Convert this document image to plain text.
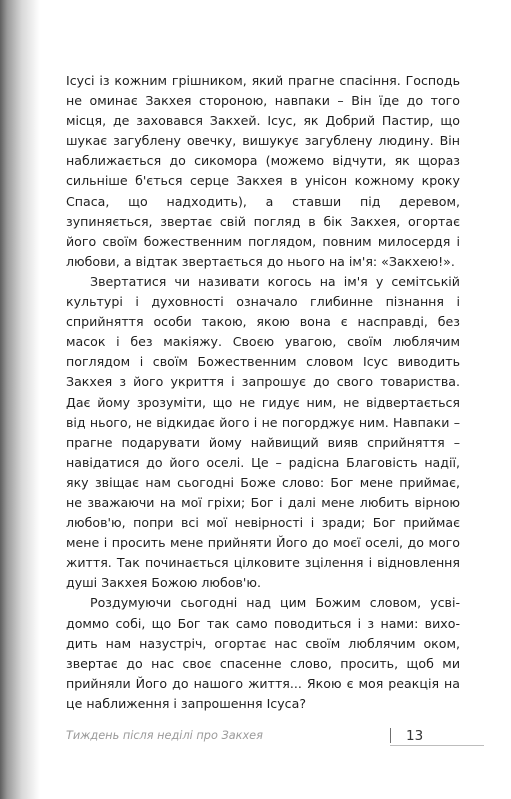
Ісусі із кожним грішником, який прагне спасіння. Господь не оминає Закхея стороною, навпаки – Він їде до того місця, де заховався Закхей. Ісус, як Добрий Пастир, що шукає загублену овечку, вишукує загублену людину. Він наближається до сикомора (можемо відчути, як щораз сильніше б'ється серце Закхея в унісон кожному кроку Спаса, що надходить), а ставши під деревом, зупиняється, звертає свій погляд в бік Закхея, огортає його своїм божественним поглядом, повним милосердя і любови, а відтак звертається до нього на ім'я: «Закхею!».

Звертатися чи називати когось на ім'я у семітській культурі і духовності означало глибинне пізнання і сприйняття особи такою, якою вона є насправді, без масок і без макіяжу. Своєю увагою, своїм люблячим поглядом і своїм Божественним словом Ісус виводить Закхея з його укриття і запрошує до свого товариства. Дає йому зрозуміти, що не гидує ним, не відвертається від нього, не відкидає його і не погорджує ним. Навпаки – прагне подарувати йому найвищий вияв сприйняття – навідатися до його оселі. Це – радісна Благовість надії, яку звіщає нам сьогодні Боже слово: Бог мене приймає, не зважаючи на мої гріхи; Бог і далі мене любить вірною любов'ю, попри всі мої невірності і зради; Бог приймає мене і просить мене прийняти Його до моєї оселі, до мого життя. Так починається цілковите зцілення і відновлення душі Закхея Божою любов'ю.

Роздумуючи сьогодні над цим Божим словом, усвідоммо собі, що Бог так само поводиться і з нами: виходить нам назустріч, огортає нас своїм люблячим оком, звертає до нас своє спасенне слово, просить, щоб ми прийняли Його до нашого життя... Якою є моя реакція на це наближення і запрошення Ісуса?

Тиждень після неділі про Закхея	13
